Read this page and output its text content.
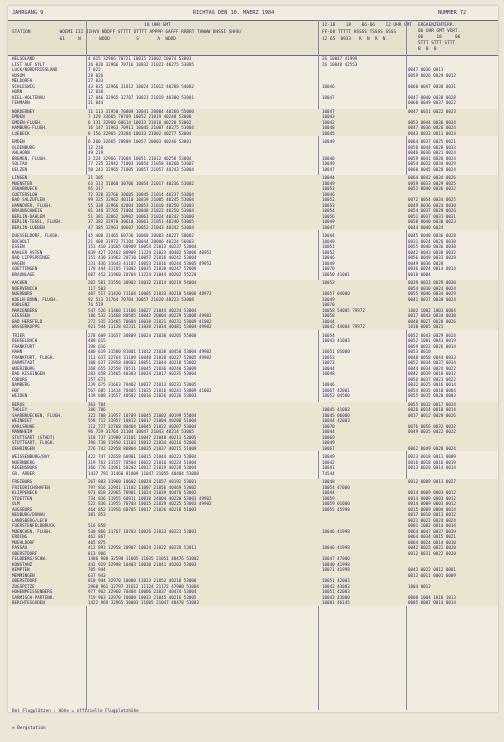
JAHRGANG 9	RICHTAS DEN 10. MAERZ 1984	NUMMER 72
18 UHR GMT
STATION           WOEMI III IIHVV NDDFF STTTT DTTTT APPPP 6AFFF RRRRT THWWW BHSSI SHHH/
61     N       WDDD          S       A  WDDD
12-18    18    06-06    12 UHR GMT
FF-60 TTTTT HSSSS TSSSS SSSS
12 65  8933   R  N  R  N
ERGAENZENTERP.
06 UHR GMT VORT.
06     18     06
STTT STTT STTT
B  B  B
HELGOLAND	4 015 32966 70721 10035 21002 10074 53003	26 10047 41999
LIST AUF SYLT	26 020 32966 70716 10032 21022 40275 53005	26 10048 42553
LUCK/NORDFRIESLAND	7 022	0047 0036 0011
HUSUM	28 026	0059 0026 0029 0012
MELDORFH	27 033
SCHLESWIG	43 035 32966 31812 10024 21012 40288 54002	10046	0060 0047 0030 0031
HORN	12 038
KIEL-HOLTENAU	17 046 32965 32707 10023 21019 40300 53001	10047	0047 0040 0038 0028
FEHMARN	31 044	0060 0049 0037 0022
NORDERNEY	11 113 31950 70809 10041 20004 40260 55000	10047	0047 0031 0022 0023
EMDEN	7 129 33665 70709 10052 21019 40240 53000	10043
EMDEN-FLUGH.	6 131 32960 60614 10033 21010 40220 53002	10042	0053 0044 0036 0034
HAMBURG-FLUGH.	16 147 31963 70911 10045 21007 40275 53004	10048	0047 0036 0026 0024
LUEBECK	8 156 32965 23304 10033 21002 40277 53004	10045	0043 0033 0011 0024
EMDEN	6 200 32665 70809 10057 20003 40246 53001	10049	0064 0037 0025 0021
OLDENBURG	12 210	0058 0044 0028 0033
AHLHORN	49 219	0046 0036 0021 0024
BREMEN, FLUGH.	3 224 32966 71004 10051 21012 40258 53004	10040	0059 0041 0028 0024
SOLTAU	77 235 32942 71003 10054 21058 40260 53007	10049	0054 0032 0034 0029
UELZEN	50 243 32965 71005 10057 21057 40243 53004	10047	0060 0045 0028 0024
LINGEN	21 305	10044	0064 0042 0034 0026
MUENSTER	63 313 31860 30706 10054 21017 40236 53002	10049	0059 0033 0029 0025
OSNABRUECK	95 317	10053	0052 0040 0036 0022
GUETERSLOH	72 320 32766 30605 10045 21014 40237 53004	10046
BAD SALZUFLEN	99 325 32962 40110 10039 21005 40245 53004	10052	0072 0054 0034 0025
HANNOVER, FLUGH.	55 338 32966 42004 10053 21010 40250 53003	10053	0049 0036 0024 0030
BRAUNSCHWEIG	81 348 32765 71004 10048 21022 40250 53004	10054	0054 0037 0029 0026
BERLIN-DAHLEM	51 381 32862 10902 10061 21024 40242 51000	10056	0051 0037 0031 0031
BERLIN-TEGEL, FLUGH.	37 382 32970 30610 10061 21051 40240 53005	10049	0058 0040 0030 0023
BERLIN-LUEBEN	47 385 32963 40607 10052 21043 40242 53004	10047	0044 0040 0024
DUESSELDORF, FLUGH.	45 400 31465 60736 10060 20003 40227 58002	10044	0045 0048 0036 0028
BOCHOLT	21 408 31972 71104 10044 20006 40224 56003	10049	0031 0024 0026 0030
ESSEN	151 410 31665 60909 10054 21013 40237 53004	10051	0055 0040 0036 0030
KAHLER ASTEN	839 427 32462 80909 11224 21023 40482 53006 40952	10052	0042 0043 0030 0032
BAD LIPPSPRINGE	151 430 31962 20710 10057 21016 40242 53004	10046	0056 0049 0033 0028
HAGEN	231 436 31643 41107 10053 21016 40244 53005 49952	10049	0049 0036 0028
GOETTINGEN	178 444 31765 71002 10035 21030 40247 52009	10070	0036 0024 0014 0014
BRAUNLAGE	607 452 31960 20704 11224 21044 40202 55220	10050 41001	0010 0004
AACHEN	202 501 31556 30902 10032 21014 40219 54004	10053	0039 0033 0029 0030
NOERVENICH	117 503	0054 0030 0024 0024
NUERBURG	487 517 31420 71104 10005 21033 40218 54006 48972	10057 04000	0055 0046 0034 0029
KOELN-BONN, FLUGH.	92 513 31764 70704 10057 21020 40223 53008	10049	0041 0037 0030 0024
KOBLENZ	76 519	10070
MARIENBERG	547 526 31460 11106 10027 21044 40224 53004	10058 54005 79972	1002 1002 1003 0004
GIESSEN	186 532 31468 80505 10042 20004 40229 53008 49902	10058	0017 0043 0034 0030
BAD HERSFELD	272 535 31465 70604 10038 21021 40231 53009 41002	10044	0040 0027 0028 0026
WASSERKUPPE	921 544 11128 82311 11038 21034 40481 53004 49902	10042 44004 79972	1010 0005 0021
TRIER	278 609 31657 30809 10024 21030 40205 55000	10054	0052 0043 0029 0024
DEUSELBACH	480 615	10043 41003	0052 1001 0043 0019
FRANKFURT	398 616	0059 0033 0026 0014
HAHN	480 619 31580 81001 11012 21038 40450 53004 49902	10051 05000	0053 0010
FRANKFURT, FLUGH.	113 637 32764 31109 10048 21020 40227 52005 49902	10053	0048 0058 0044 0033
DARMSTADT	108 637 32958 40603 10051 21044 40218 53002	10073	0052 0034 0037 0034
WUERZBURG	268 655 32558 70511 10045 21036 40240 53009	10044	0044 0034 0024 0022
BAD KISSINGEN	283 658 31465 40303 10034 21017 40235 53004	10048	0042 0039 0018 0012
COBURG	357 671	0056 0037 0023 0022
BAMBERG	239 675 31663 79402 10037 21013 40231 53005	10046	0032 0025 0016 0014
HOF	567 685 11414 70405 11025 21016 40241 53009 41002	10067 42001	0054 0035 0018 0004
WEIDEN	439 688 31657 40502 10016 21026 40226 53003	10052 04500	0055 0035 0020 0003
BERUS	363 704	0055 0032 0017 0034
THOLEY	386 706	10045 41003	0026 0014 0010 0014
SAARBRUECKEN, FLUGH.	322 708 31957 10709 10045 21002 40199 55004	10045 06000	0037 0012 0029 0026
WEINBIET	558 712 31957 10812 10017 21004 40208 51004	10044 42003
KARLSRUHE	112 727 32768 80404 10045 21022 40207 53004	10070	0076 0056 0032 0032
MANNHEIM	96 729 31764 21104 10047 21043 40214 53005	10044	0049 0035 0022 0022
STUTTGART (STADT)	318 737 31980 31101 10047 21048 40211 53005	10069
STUTTGART, FLUGH.	396 738 31950 11103 10012 21034 40216 52006	10049
OEHRINGEN	276 742 32958 80804 10035 21037 40215 51009	10067	0062 0049 0028 0024
WEISSENBURG/BAY.	422 747 32658 60901 10015 21044 40223 53004	10049	0023 0018 0011 0009
NUERNBERG	319 763 31557 70504 10022 21016 40224 51004	10042	0016 0018 0016 0019
REGENSBURG	366 776 31961 50202 10017 21019 40228 53004	10041	0013 0020 0014 0014
GR. ARBER	1437 791 31460 81009 11047 21055 40484 53008	74544
FREIBURG	267 803 31960 10602 10024 21057 40192 53001	10048	0012 0009 0011 0027
FRIEDRICHSHAFEN	797 816 32941 11102 11007 21056 40469 53002	10054 47000
KLIPPENECK	973 818 32965 70901 11024 21039 40470 53002	10044	0014 0009 0003 0012
STOETTEN	734 836 11955 60911 10010 24004 40220 53003 49902	10059	0014 0009 0003 0012
ULM	522 836 11955 70703 10015 21029 40225 53003 49902	10059 01000	0014 0009 0003 0012
AUGSBURG	464 852 31956 60705 10017 21026 40218 51003	10055 45998	0015 0009 0004 0014
NEUBURG/DONAU	381 853	0017 0010 0013 0012
LANDSBERG/LECH	0021 0022 0024 0024
FUERSTENFELDBRUCK	516 858	0001 1002 0014 0014
MUENCHEN, FLUGH.	530 866 31767 10703 10026 21033 40221 53003	10046 41998	0064 0047 0037 0039
ERDING	462 867	0064 0034 0015 0021
MUEHLDORF	405 875	0064 0024 0014 0010
PASSAU	412 893 32958 20907 10024 21022 40228 53011	10046 41998	0042 0025 0022 0020
OBERSTDORF	813 906	0012 0031 0022 0020
FELDBERG/SCHW.	1486 908 32598 11005 11035 21051 40476 53002	10047 47000
KONSTANZ	443 929 32998 10403 10030 21041 40203 53003	10040 41998
KEMPTEN	705 944	10071 41998	0043 0022 0012 0001
MEMMINGEN	637 943	0012 0011 0001 0009
OBERSTDORF	810 944 32970 10000 11023 21053 40210 53008	10051 42003
ZUGSPITZE	2960 961 32797 31612 11124 21172 47900 53004	10042 43003	1004 0012
HOHENPEISSENBERG	977 962 32960 70404 10006 21037 40474 53004	10051 42003
GARMISCH-PARTENK.	719 963 32970 10000 10033 21045 40216 53005	10043 43000	0000 1004 1010 1013
BERCHTESGADEN	1422 969 32965 30003 11005 21047 40478 53003	10081 46145	0005 0007 0014 0014

Bei Flugplätzen : Höhe = offizielle Flugplatzhöhe

❊ Bergstation
